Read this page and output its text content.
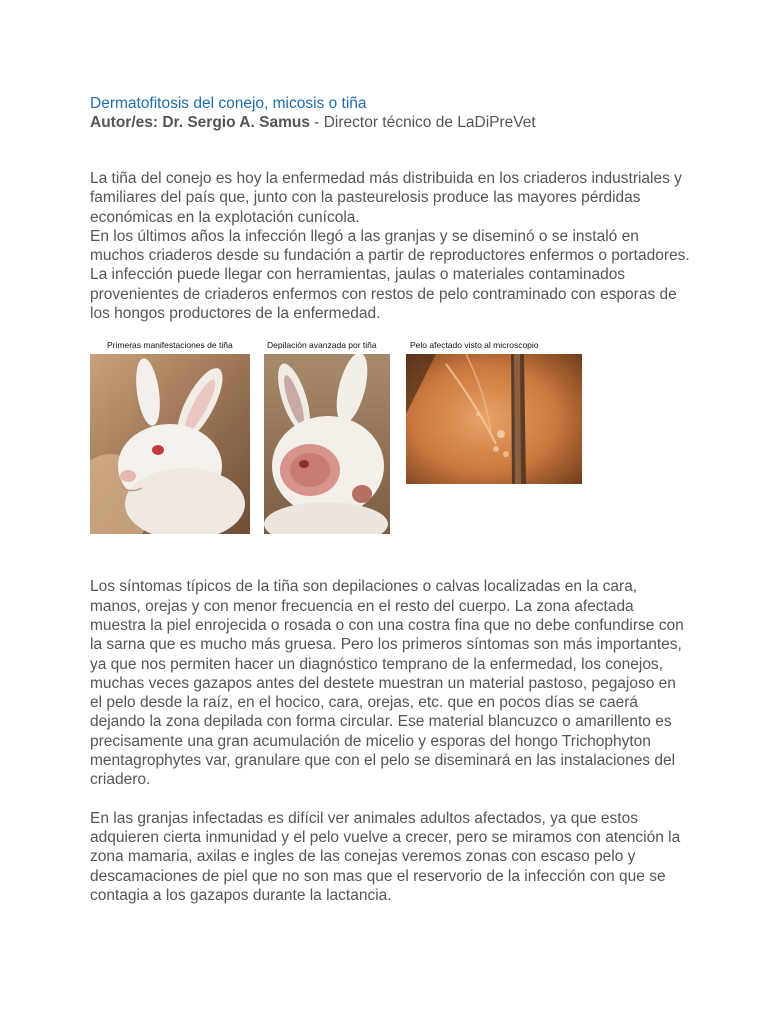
Dermatofitosis del conejo, micosis o tiña
Autor/es: Dr. Sergio A. Samus - Director técnico de LaDiPreVet

La tiña del conejo es hoy la enfermedad más distribuida en los criaderos industriales y familiares del país que, junto con la pasteurelosis produce las mayores pérdidas económicas en la explotación cunícola.

En los últimos años la infección llegó a las granjas y se diseminó o se instaló en muchos criaderos desde su fundación a partir de reproductores enfermos o portadores.

La infección puede llegar con herramientas, jaulas o materiales contaminados provenientes de criaderos enfermos con restos de pelo contraminado con esporas de los hongos productores de la enfermedad.

Primeras manifestaciones de tiña	Depilación avanzada por tiña	Pelo afectado visto al microscopio

Los síntomas típicos de la tiña son depilaciones o calvas localizadas en la cara, manos, orejas y con menor frecuencia en el resto del cuerpo. La zona afectada muestra la piel enrojecida o rosada o con una costra fina que no debe confundirse con la sarna que es mucho más gruesa. Pero los primeros síntomas son más importantes, ya que nos permiten hacer un diagnóstico temprano de la enfermedad, los conejos, muchas veces gazapos antes del destete muestran un material pastoso, pegajoso en el pelo desde la raíz, en el hocico, cara, orejas, etc. que en pocos días se caerá dejando la zona depilada con forma circular. Ese material blancuzco o amarillento es precisamente una gran acumulación de micelio y esporas del hongo Trichophyton mentagrophytes var, granulare que con el pelo se diseminará en las instalaciones del criadero.

En las granjas infectadas es difícil ver animales adultos afectados, ya que estos adquieren cierta inmunidad y el pelo vuelve a crecer, pero se miramos con atención la zona mamaria, axilas e ingles de las conejas veremos zonas con escaso pelo y descamaciones de piel que no son mas que el reservorio de la infección con que se contagia a los gazapos durante la lactancia.
